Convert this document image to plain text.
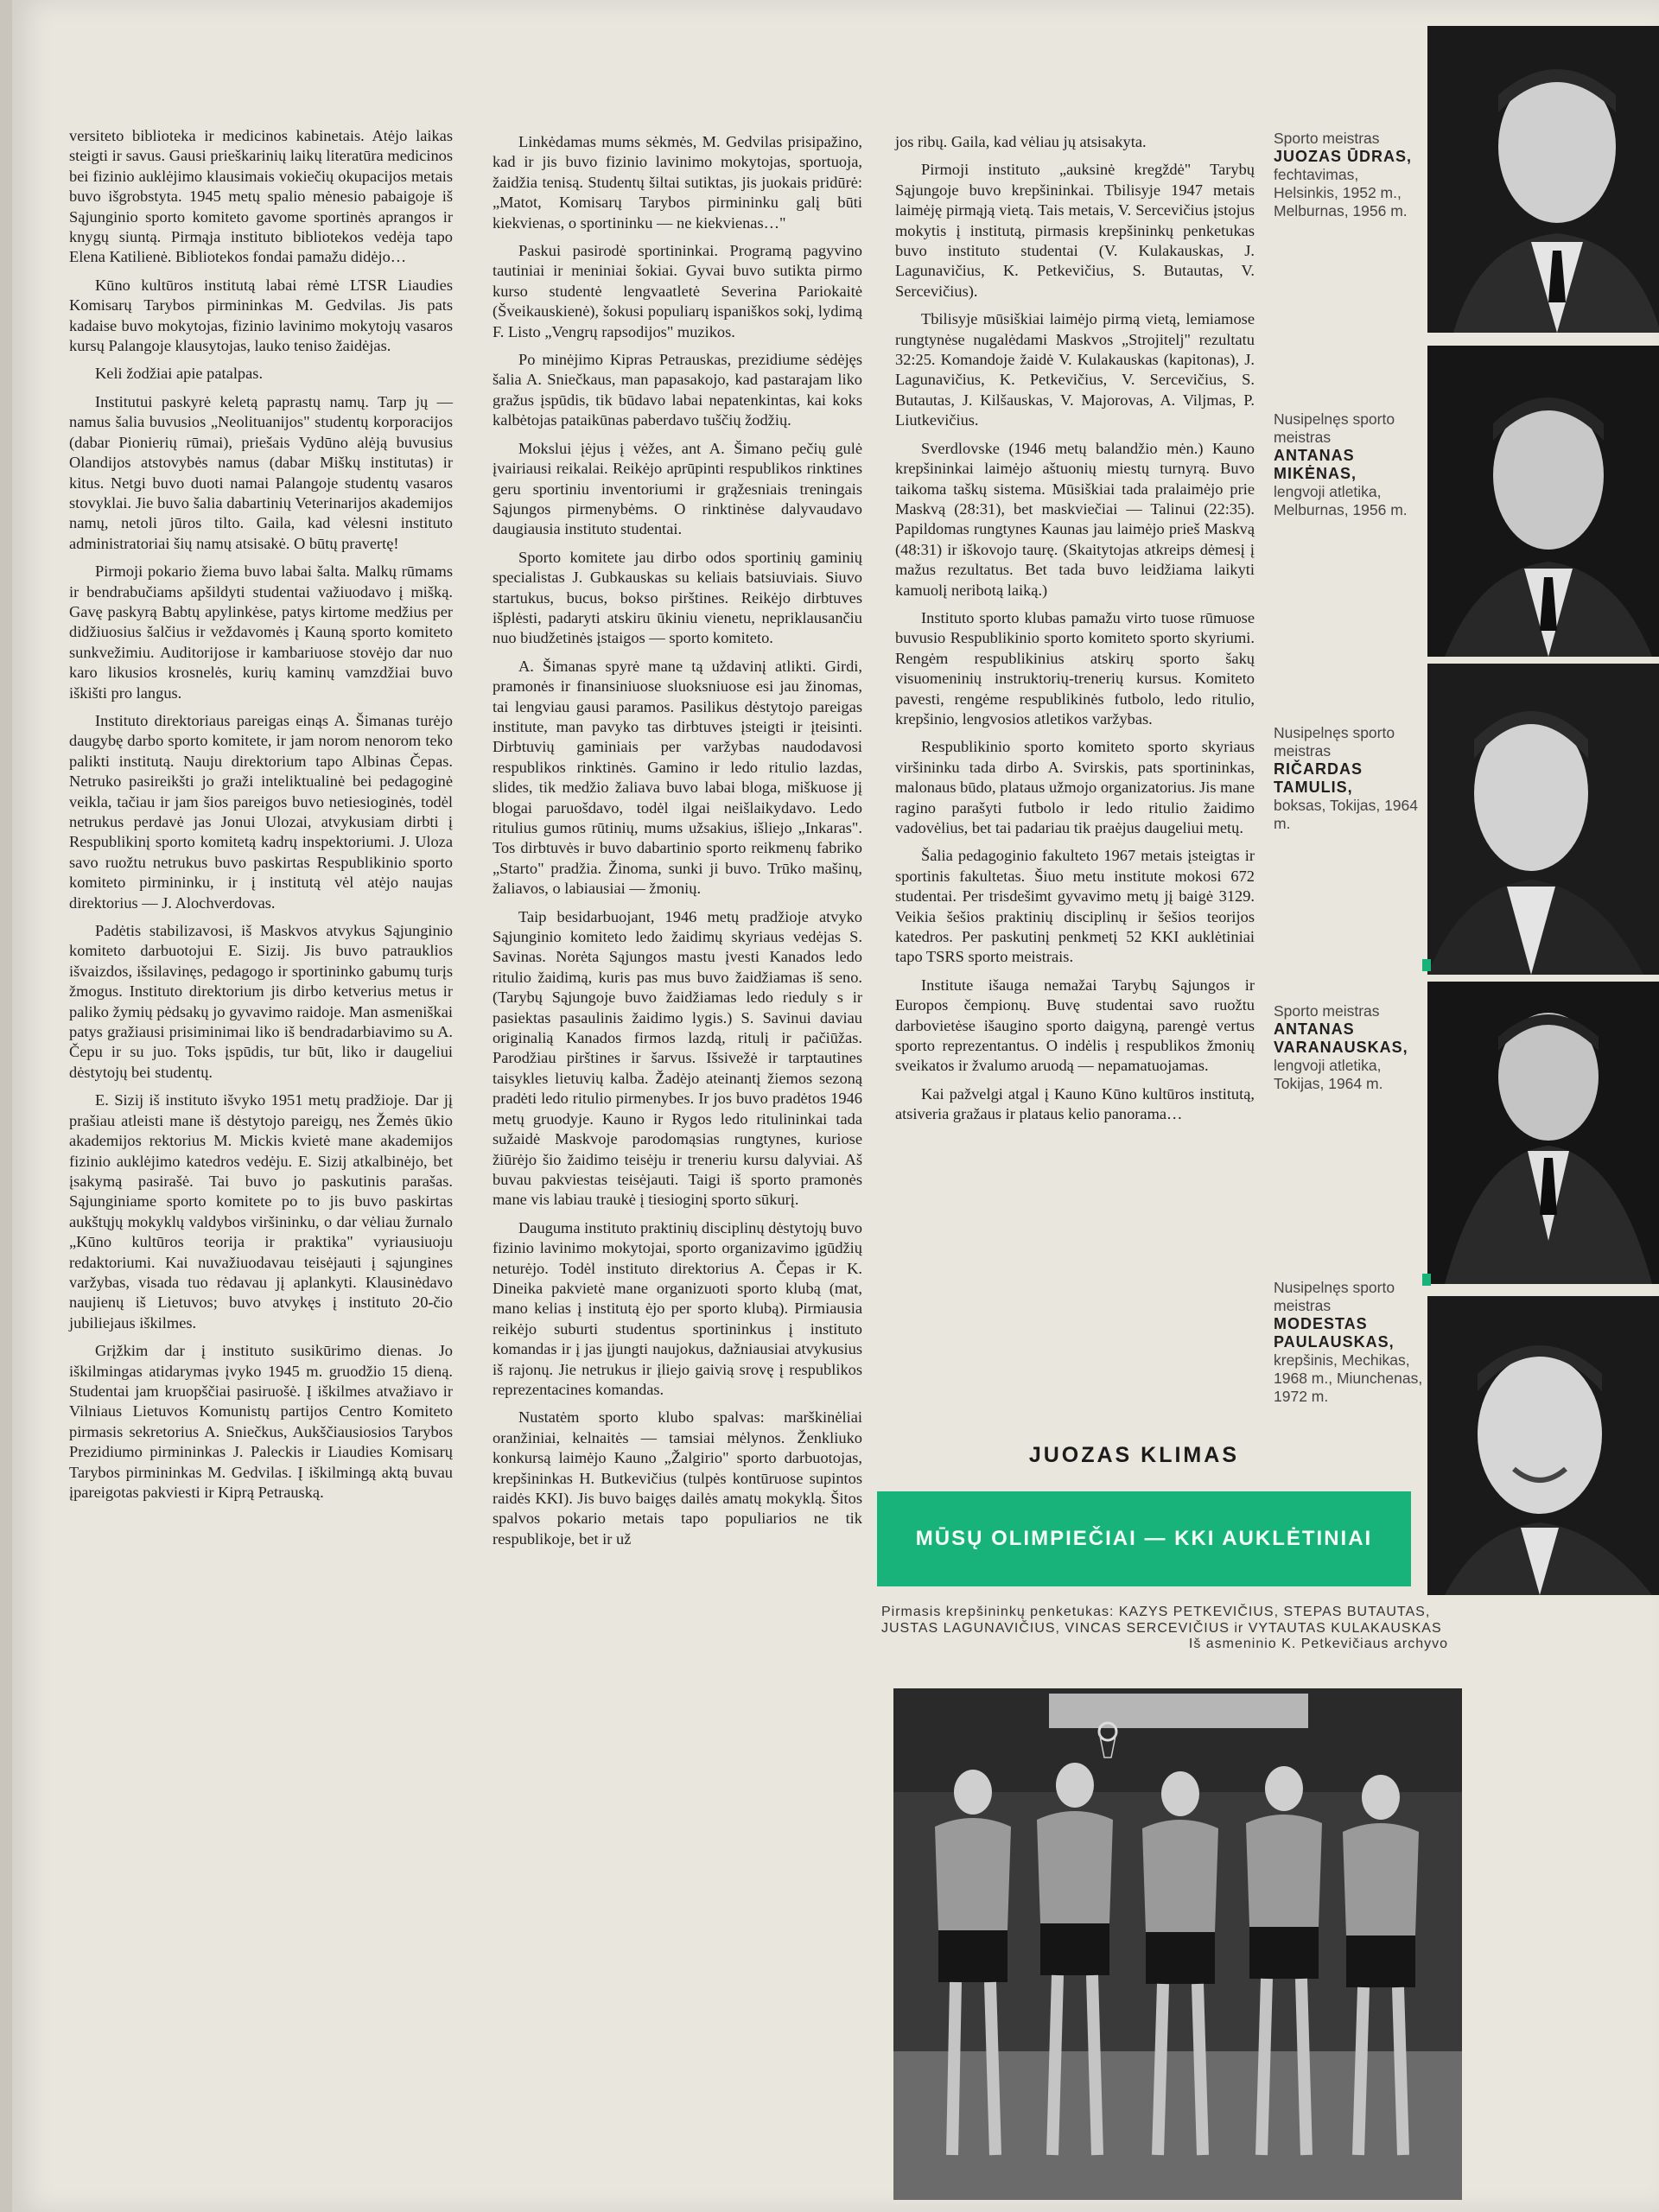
versiteto biblioteka ir medicinos kabinetais. Atėjo laikas steigti ir savus. Gausi prieškarinių laikų literatūra medicinos bei fizinio auklėjimo klausimais vokiečių okupacijos metais buvo išgrobstyta. 1945 metų spalio mėnesio pabaigoje iš Sąjunginio sporto komiteto gavome sportinės aprangos ir knygų siuntą. Pirmąja instituto bibliotekos vedėja tapo Elena Katilienė. Bibliotekos fondai pamažu didėjo…

Kūno kultūros institutą labai rėmė LTSR Liaudies Komisarų Tarybos pirmininkas M. Gedvilas. Jis pats kadaise buvo mokytojas, fizinio lavinimo mokytojų vasaros kursų Palangoje klausytojas, lauko teniso žaidėjas.

Keli žodžiai apie patalpas.

Institutui paskyrė keletą paprastų namų. Tarp jų — namus šalia buvusios „Neolituanijos" studentų korporacijos (dabar Pionierių rūmai), priešais Vydūno alėją buvusius Olandijos atstovybės namus (dabar Miškų institutas) ir kitus. Netgi buvo duoti namai Palangoje studentų vasaros stovyklai. Jie buvo šalia dabartinių Veterinarijos akademijos namų, netoli jūros tilto. Gaila, kad vėlesni instituto administratoriai šių namų atsisakė. O būtų pravertę!

Pirmoji pokario žiema buvo labai šalta. Malkų rūmams ir bendrabučiams apšildyti studentai važiuodavo į mišką. Gavę paskyrą Babtų apylinkėse, patys kirtome medžius per didžiuosius šalčius ir veždavomės į Kauną sporto komiteto sunkvežimiu. Auditorijose ir kambariuose stovėjo dar nuo karo likusios krosnelės, kurių kaminų vamzdžiai buvo iškišti pro langus.

Instituto direktoriaus pareigas einąs A. Šimanas turėjo daugybę darbo sporto komitete, ir jam norom nenorom teko palikti institutą. Nauju direktorium tapo Albinas Čepas. Netruko pasireikšti jo graži inteliktualinė bei pedagoginė veikla, tačiau ir jam šios pareigos buvo netiesioginės, todėl netrukus perdavė jas Jonui Ulozai, atvykusiam dirbti į Respublikinį sporto komitetą kadrų inspektoriumi. J. Uloza savo ruožtu netrukus buvo paskirtas Respublikinio sporto komiteto pirmininku, ir į institutą vėl atėjo naujas direktorius — J. Alochverdovas.

Padėtis stabilizavosi, iš Maskvos atvykus Sąjunginio komiteto darbuotojui E. Sizij. Jis buvo patrauklios išvaizdos, išsilavinęs, pedagogo ir sportininko gabumų turįs žmogus. Instituto direktorium jis dirbo ketverius metus ir paliko žymių pėdsakų jo gyvavimo raidoje. Man asmeniškai patys gražiausi prisiminimai liko iš bendradarbiavimo su A. Čepu ir su juo. Toks įspūdis, tur būt, liko ir daugeliui dėstytojų bei studentų.

E. Sizij iš instituto išvyko 1951 metų pradžioje. Dar jį prašiau atleisti mane iš dėstytojo pareigų, nes Žemės ūkio akademijos rektorius M. Mickis kvietė mane akademijos fizinio auklėjimo katedros vedėju. E. Sizij atkalbinėjo, bet įsakymą pasirašė. Tai buvo jo paskutinis parašas. Sąjunginiame sporto komitete po to jis buvo paskirtas aukštųjų mokyklų valdybos viršininku, o dar vėliau žurnalo „Kūno kultūros teorija ir praktika" vyriausiuoju redaktoriumi. Kai nuvažiuodavau teisėjauti į sąjungines varžybas, visada tuo rėdavau jį aplankyti. Klausinėdavo naujienų iš Lietuvos; buvo atvykęs į instituto 20-čio jubiliejaus iškilmes.

Grįžkim dar į instituto susikūrimo dienas. Jo iškilmingas atidarymas įvyko 1945 m. gruodžio 15 dieną. Studentai jam kruopščiai pasiruošė. Į iškilmes atvažiavo ir Vilniaus Lietuvos Komunistų partijos Centro Komiteto pirmasis sekretorius A. Sniečkus, Aukščiausiosios Tarybos Prezidiumo pirmininkas J. Paleckis ir Liaudies Komisarų Tarybos pirmininkas M. Gedvilas. Į iškilmingą aktą buvau įpareigotas pakviesti ir Kiprą Petrauską.

Linkėdamas mums sėkmės, M. Gedvilas prisipažino, kad ir jis buvo fizinio lavinimo mokytojas, sportuoja, žaidžia tenisą. Studentų šiltai sutiktas, jis juokais pridūrė: „Matot, Komisarų Tarybos pirmininku galį būti kiekvienas, o sportininku — ne kiekvienas…"

Paskui pasirodė sportininkai. Programą pagyvino tautiniai ir meniniai šokiai. Gyvai buvo sutikta pirmo kurso studentė lengvaatletė Severina Pariokaitė (Šveikauskienė), šokusi populiarų ispaniškos sokį, lydimą F. Listo „Vengrų rapsodijos" muzikos.

Po minėjimo Kipras Petrauskas, prezidiume sėdėjęs šalia A. Sniečkaus, man papasakojo, kad pastarajam liko gražus įspūdis, tik būdavo labai nepatenkintas, kai koks kalbėtojas pataikūnas paberdavo tuščių žodžių.

Mokslui įėjus į vėžes, ant A. Šimano pečių gulė įvairiausi reikalai. Reikėjo aprūpinti respublikos rinktines geru sportiniu inventoriumi ir grąžesniais treningais Sąjungos pirmenybėms. O rinktinėse dalyvaudavo daugiausia instituto studentai.

Sporto komitete jau dirbo odos sportinių gaminių specialistas J. Gubkauskas su keliais batsiuviais. Siuvo startukus, bucus, bokso pirštines. Reikėjo dirbtuves išplėsti, padaryti atskiru ūkiniu vienetu, nepriklausančiu nuo biudžetinės įstaigos — sporto komiteto.

A. Šimanas spyrė mane tą uždavinį atlikti. Girdi, pramonės ir finansiniuose sluoksniuose esi jau žinomas, tai lengviau gausi paramos. Pasilikus dėstytojo pareigas institute, man pavyko tas dirbtuves įsteigti ir įteisinti. Dirbtuvių gaminiais per varžybas naudodavosi respublikos rinktinės. Gamino ir ledo ritulio lazdas, slides, tik medžio žaliava buvo labai bloga, miškuose jį blogai paruošdavo, todėl ilgai neišlaikydavo. Ledo ritulius gumos rūtinių, mums užsakius, išliejo „Inkaras". Tos dirbtuvės ir buvo dabartinio sporto reikmenų fabriko „Starto" pradžia. Žinoma, sunki ji buvo. Trūko mašinų, žaliavos, o labiausiai — žmonių.

Taip besidarbuojant, 1946 metų pradžioje atvyko Sąjunginio komiteto ledo žaidimų skyriaus vedėjas S. Savinas. Norėta Sąjungos mastu įvesti Kanados ledo ritulio žaidimą, kuris pas mus buvo žaidžiamas iš seno. (Tarybų Sąjungoje buvo žaidžiamas ledo rieduly s ir pasiektas pasaulinis žaidimo lygis.) S. Savinui daviau originalią Kanados firmos lazdą, ritulį ir pačiūžas. Parodžiau pirštines ir šarvus. Išsivežė ir tarptautines taisykles lietuvių kalba. Žadėjo ateinantį žiemos sezoną pradėti ledo ritulio pirmenybes. Ir jos buvo pradėtos 1946 metų gruodyje. Kauno ir Rygos ledo ritulininkai tada sužaidė Maskvoje parodomąsias rungtynes, kuriose žiūrėjo šio žaidimo teisėju ir treneriu kursu dalyviai. Aš buvau pakviestas teisėjauti. Taigi iš sporto pramonės mane vis labiau traukė į tiesioginį sporto sūkurį.

Dauguma instituto praktinių disciplinų dėstytojų buvo fizinio lavinimo mokytojai, sporto organizavimo įgūdžių neturėjo. Todėl instituto direktorius A. Čepas ir K. Dineika pakvietė mane organizuoti sporto klubą (mat, mano kelias į institutą ėjo per sporto klubą). Pirmiausia reikėjo suburti studentus sportininkus į instituto komandas ir į jas įjungti naujokus, dažniausiai atvykusius iš rajonų. Jie netrukus ir įliejo gaivią srovę į respublikos reprezentacines komandas.

Nustatėm sporto klubo spalvas: marškinėliai oranžiniai, kelnaitės — tamsiai mėlynos. Ženkliuko konkursą laimėjo Kauno „Žalgirio" sporto darbuotojas, krepšininkas H. Butkevičius (tulpės kontūruose supintos raidės KKI). Jis buvo baigęs dailės amatų mokyklą. Šitos spalvos pokario metais tapo populiarios ne tik respublikoje, bet ir už

jos ribų. Gaila, kad vėliau jų atsisakyta.

Pirmoji instituto „auksinė kregždė" Tarybų Sąjungoje buvo krepšininkai. Tbilisyje 1947 metais laimėję pirmąją vietą. Tais metais, V. Sercevičius įstojus mokytis į institutą, pirmasis krepšininkų penketukas buvo instituto studentai (V. Kulakauskas, J. Lagunavičius, K. Petkevičius, S. Butautas, V. Sercevičius).

Tbilisyje mūsiškiai laimėjo pirmą vietą, lemiamose rungtynėse nugalėdami Maskvos „Strojitelj" rezultatu 32:25. Komandoje žaidė V. Kulakauskas (kapitonas), J. Lagunavičius, K. Petkevičius, V. Sercevičius, S. Butautas, J. Kilšauskas, V. Majorovas, A. Viljmas, P. Liutkevičius.

Sverdlovske (1946 metų balandžio mėn.) Kauno krepšininkai laimėjo aštuonių miestų turnyrą. Buvo taikoma taškų sistema. Mūsiškiai tada pralaimėjo prie Maskvą (28:31), bet maskviečiai — Talinui (22:35). Papildomas rungtynes Kaunas jau laimėjo prieš Maskvą (48:31) ir iškovojo taurę. (Skaitytojas atkreips dėmesį į mažus rezultatus. Bet tada buvo leidžiama laikyti kamuolį neribotą laiką.)

Instituto sporto klubas pamažu virto tuose rūmuose buvusio Respublikinio sporto komiteto sporto skyriumi. Rengėm respublikinius atskirų sporto šakų visuomeninių instruktorių-trenerių kursus. Komiteto pavesti, rengėme respublikinės futbolo, ledo ritulio, krepšinio, lengvosios atletikos varžybas.

Respublikinio sporto komiteto sporto skyriaus viršininku tada dirbo A. Svirskis, pats sportininkas, malonaus būdo, plataus užmojo organizatorius. Jis mane ragino parašyti futbolo ir ledo ritulio žaidimo vadovėlius, bet tai padariau tik praėjus daugeliui metų.

Šalia pedagoginio fakulteto 1967 metais įsteigtas ir sportinis fakultetas. Šiuo metu institute mokosi 672 studentai. Per trisdešimt gyvavimo metų jį baigė 3129. Veikia šešios praktinių disciplinų ir šešios teorijos katedros. Per paskutinį penkmetį 52 KKI auklėtiniai tapo TSRS sporto meistrais.

Institute išauga nemažai Tarybų Sąjungos ir Europos čempionų. Buvę studentai savo ruožtu darbovietėse išaugino sporto daigyną, parengė vertus sporto reprezentantus. O indėlis į respublikos žmonių sveikatos ir žvalumo aruodą — nepamatuojamas.

Kai pažvelgi atgal į Kauno Kūno kultūros institutą, atsiveria gražaus ir plataus kelio panorama…

JUOZAS KLIMAS
MŪSŲ OLIMPIEČIAI — KKI AUKLĖTINIAI
Pirmasis krepšininkų penketukas: KAZYS PETKEVIČIUS, STEPAS BUTAUTAS, JUSTAS LAGUNAVIČIUS, VINCAS SERCEVIČIUS ir VYTAUTAS KULAKAUSKAS
Iš asmeninio K. Petkevičiaus archyvo
Sporto meistras
JUOZAS ŪDRAS,
fechtavimas, Helsinkis, 1952 m., Melburnas, 1956 m.
Nusipelnęs sporto meistras
ANTANAS MIKĖNAS,
lengvoji atletika, Melburnas, 1956 m.
Nusipelnęs sporto meistras
RIČARDAS TAMULIS,
boksas, Tokijas, 1964 m.
Sporto meistras
ANTANAS VARANAUSKAS,
lengvoji atletika, Tokijas, 1964 m.
Nusipelnęs sporto meistras
MODESTAS PAULAUSKAS,
krepšinis, Mechikas, 1968 m., Miunchenas, 1972 m.
